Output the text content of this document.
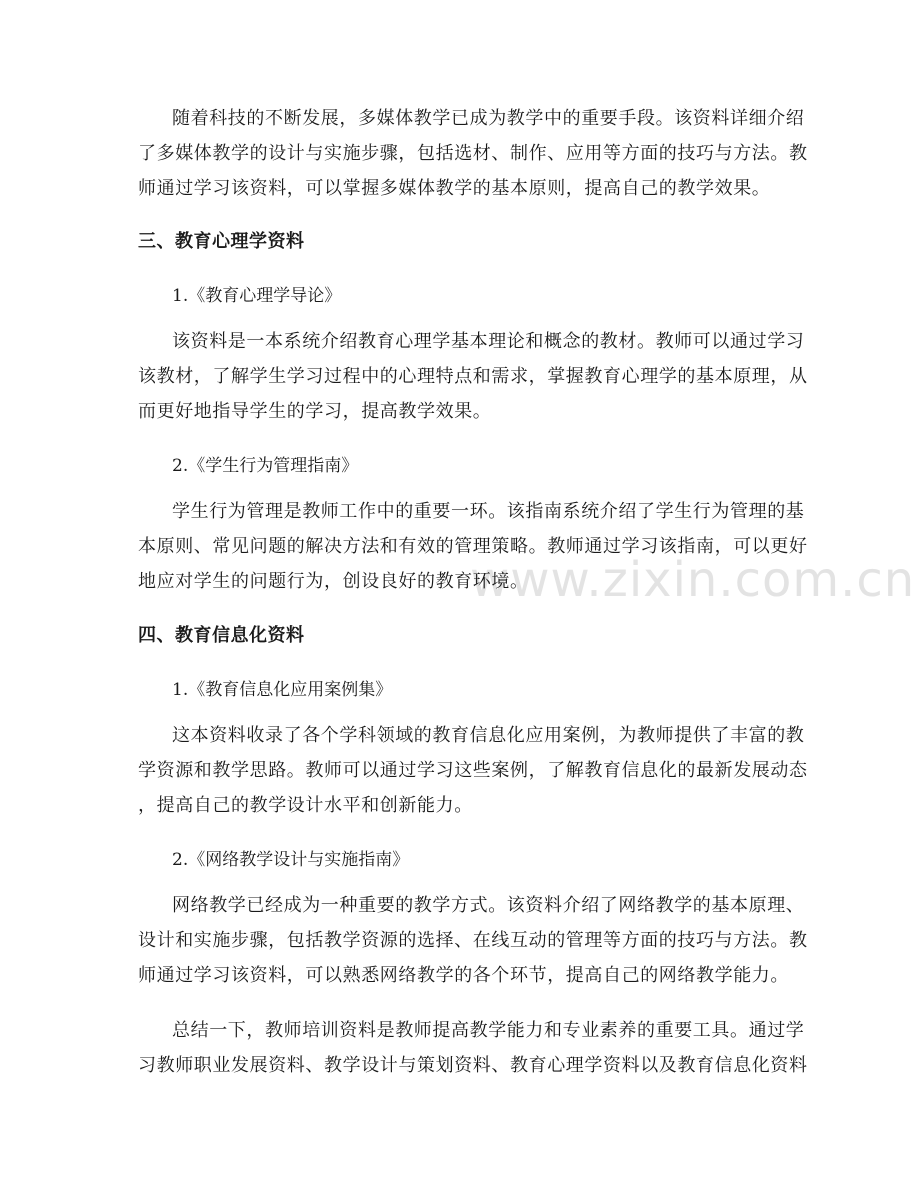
www.zixin.com.cn
随着科技的不断发展，多媒体教学已成为教学中的重要手段。该资料详细介绍
了多媒体教学的设计与实施步骤，包括选材、制作、应用等方面的技巧与方法。教
师通过学习该资料，可以掌握多媒体教学的基本原则，提高自己的教学效果。
三、教育心理学资料
1.《教育心理学导论》
该资料是一本系统介绍教育心理学基本理论和概念的教材。教师可以通过学习
该教材，了解学生学习过程中的心理特点和需求，掌握教育心理学的基本原理，从
而更好地指导学生的学习，提高教学效果。
2.《学生行为管理指南》
学生行为管理是教师工作中的重要一环。该指南系统介绍了学生行为管理的基
本原则、常见问题的解决方法和有效的管理策略。教师通过学习该指南，可以更好
地应对学生的问题行为，创设良好的教育环境。
四、教育信息化资料
1.《教育信息化应用案例集》
这本资料收录了各个学科领域的教育信息化应用案例，为教师提供了丰富的教
学资源和教学思路。教师可以通过学习这些案例，了解教育信息化的最新发展动态
，提高自己的教学设计水平和创新能力。
2.《网络教学设计与实施指南》
网络教学已经成为一种重要的教学方式。该资料介绍了网络教学的基本原理、
设计和实施步骤，包括教学资源的选择、在线互动的管理等方面的技巧与方法。教
师通过学习该资料，可以熟悉网络教学的各个环节，提高自己的网络教学能力。
总结一下，教师培训资料是教师提高教学能力和专业素养的重要工具。通过学
习教师职业发展资料、教学设计与策划资料、教育心理学资料以及教育信息化资料
